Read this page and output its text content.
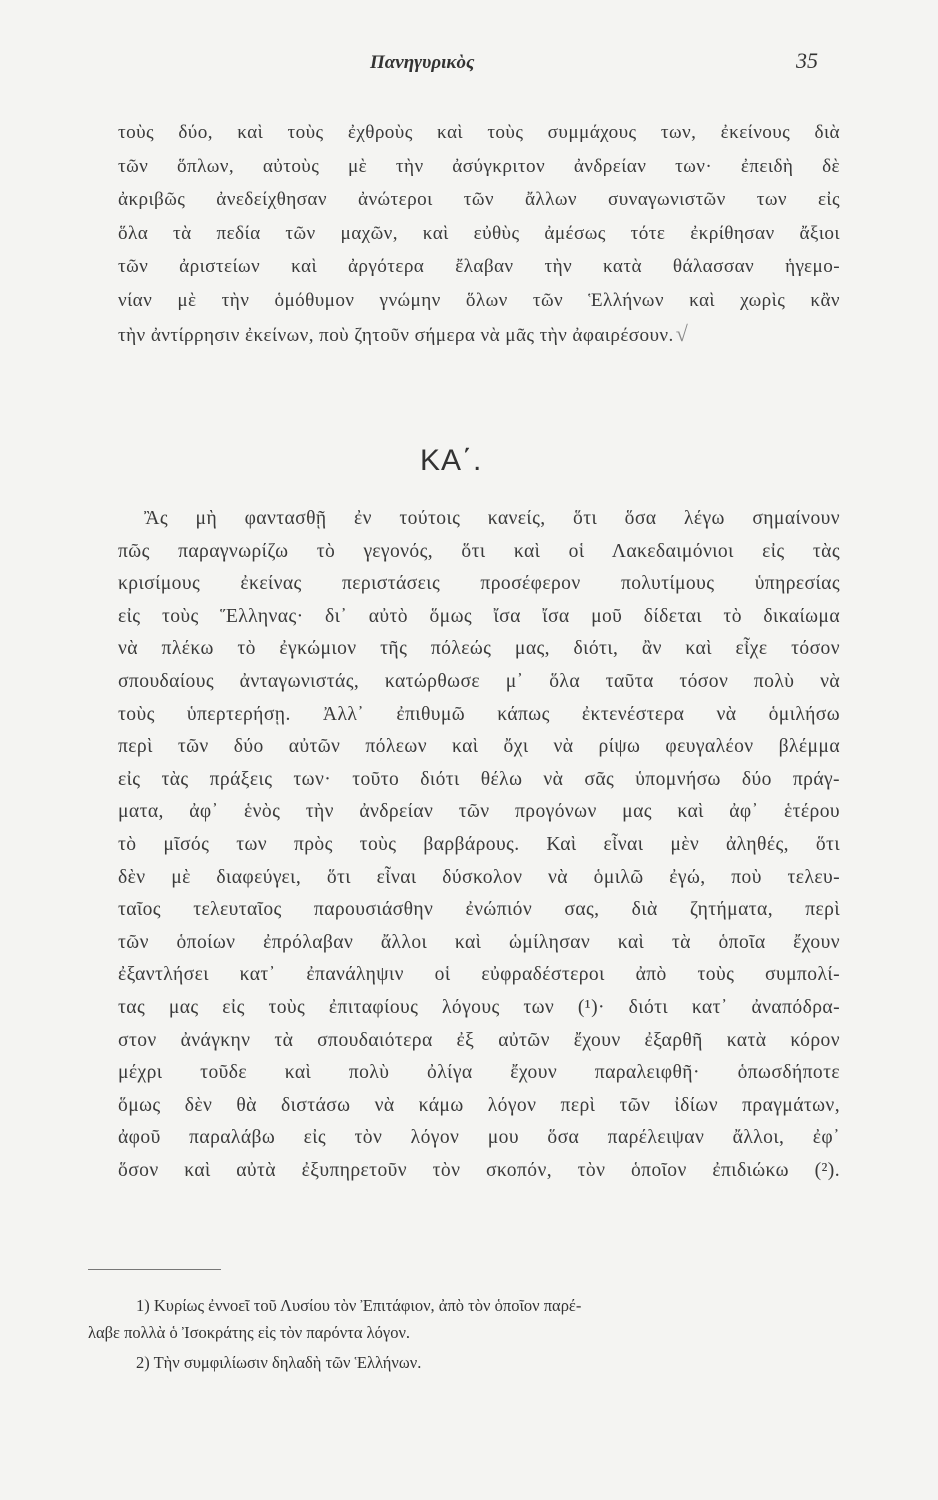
Πανηγυρικὸς	35
τοὺς δύο, καὶ τοὺς ἐχθροὺς καὶ τοὺς συμμάχους των, ἐκείνους διὰ
τῶν ὅπλων, αὐτοὺς μὲ τὴν ἀσύγκριτον ἀνδρείαν των· ἐπειδὴ δὲ
ἀκριβῶς ἀνεδείχθησαν ἀνώτεροι τῶν ἄλλων συναγωνιστῶν των εἰς
ὅλα τὰ πεδία τῶν μαχῶν, καὶ εὐθὺς ἀμέσως τότε ἐκρίθησαν ἄξιοι
τῶν ἀριστείων καὶ ἀργότερα ἔλαβαν τὴν κατὰ θάλασσαν ἡγεμο-
νίαν μὲ τὴν ὁμόθυμον γνώμην ὅλων τῶν Ἑλλήνων καὶ χωρὶς κἂν
τὴν ἀντίρρησιν ἐκείνων, ποὺ ζητοῦν σήμερα νὰ μᾶς τὴν ἀφαιρέσουν.√
ΚΑ΄.
Ἂς μὴ φαντασθῇ ἐν τούτοις κανείς, ὅτι ὅσα λέγω σημαίνουν
πῶς παραγνωρίζω τὸ γεγονός, ὅτι καὶ οἱ Λακεδαιμόνιοι εἰς τὰς
κρισίμους ἐκείνας περιστάσεις προσέφερον πολυτίμους ὑπηρεσίας
εἰς τοὺς Ἕλληνας· δι᾿ αὐτὸ ὅμως ἴσα ἴσα μοῦ δίδεται τὸ δικαίωμα
νὰ πλέκω τὸ ἐγκώμιον τῆς πόλεώς μας, διότι, ἂν καὶ εἶχε τόσον
σπουδαίους ἀνταγωνιστάς, κατώρθωσε μ᾿ ὅλα ταῦτα τόσον πολὺ νὰ
τοὺς ὑπερτερήσῃ. Ἀλλ᾿ ἐπιθυμῶ κάπως ἐκτενέστερα νὰ ὁμιλήσω
περὶ τῶν δύο αὐτῶν πόλεων καὶ ὄχι νὰ ρίψω φευγαλέον βλέμμα
εἰς τὰς πράξεις των· τοῦτο διότι θέλω νὰ σᾶς ὑπομνήσω δύο πράγ-
ματα, ἀφ᾿ ἑνὸς τὴν ἀνδρείαν τῶν προγόνων μας καὶ ἀφ᾿ ἑτέρου
τὸ μῖσός των πρὸς τοὺς βαρβάρους. Καὶ εἶναι μὲν ἀληθές, ὅτι
δὲν μὲ διαφεύγει, ὅτι εἶναι δύσκολον νὰ ὁμιλῶ ἐγώ, ποὺ τελευ-
ταῖος τελευταῖος παρουσιάσθην ἐνώπιόν σας, διὰ ζητήματα, περὶ
τῶν ὁποίων ἐπρόλαβαν ἄλλοι καὶ ὡμίλησαν καὶ τὰ ὁποῖα ἔχουν
ἐξαντλήσει κατ᾿ ἐπανάληψιν οἱ εὐφραδέστεροι ἀπὸ τοὺς συμπολί-
τας μας εἰς τοὺς ἐπιταφίους λόγους των (¹)· διότι κατ᾿ ἀναπόδρα-
στον ἀνάγκην τὰ σπουδαιότερα ἐξ αὐτῶν ἔχουν ἐξαρθῆ κατὰ κόρον
μέχρι τοῦδε καὶ πολὺ ὀλίγα ἔχουν παραλειφθῆ· ὁπωσδήποτε
ὅμως δὲν θὰ διστάσω νὰ κάμω λόγον περὶ τῶν ἰδίων πραγμάτων,
ἀφοῦ παραλάβω εἰς τὸν λόγον μου ὅσα παρέλειψαν ἄλλοι, ἐφ᾿
ὅσον καὶ αὐτὰ ἐξυπηρετοῦν τὸν σκοπόν, τὸν ὁποῖον ἐπιδιώκω (²).
1) Κυρίως ἐννοεῖ τοῦ Λυσίου τὸν Ἐπιτάφιον, ἀπὸ τὸν ὁποῖον παρέ-
λαβε πολλὰ ὁ Ἰσοκράτης εἰς τὸν παρόντα λόγον.
2) Τὴν συμφιλίωσιν δηλαδὴ τῶν Ἑλλήνων.
